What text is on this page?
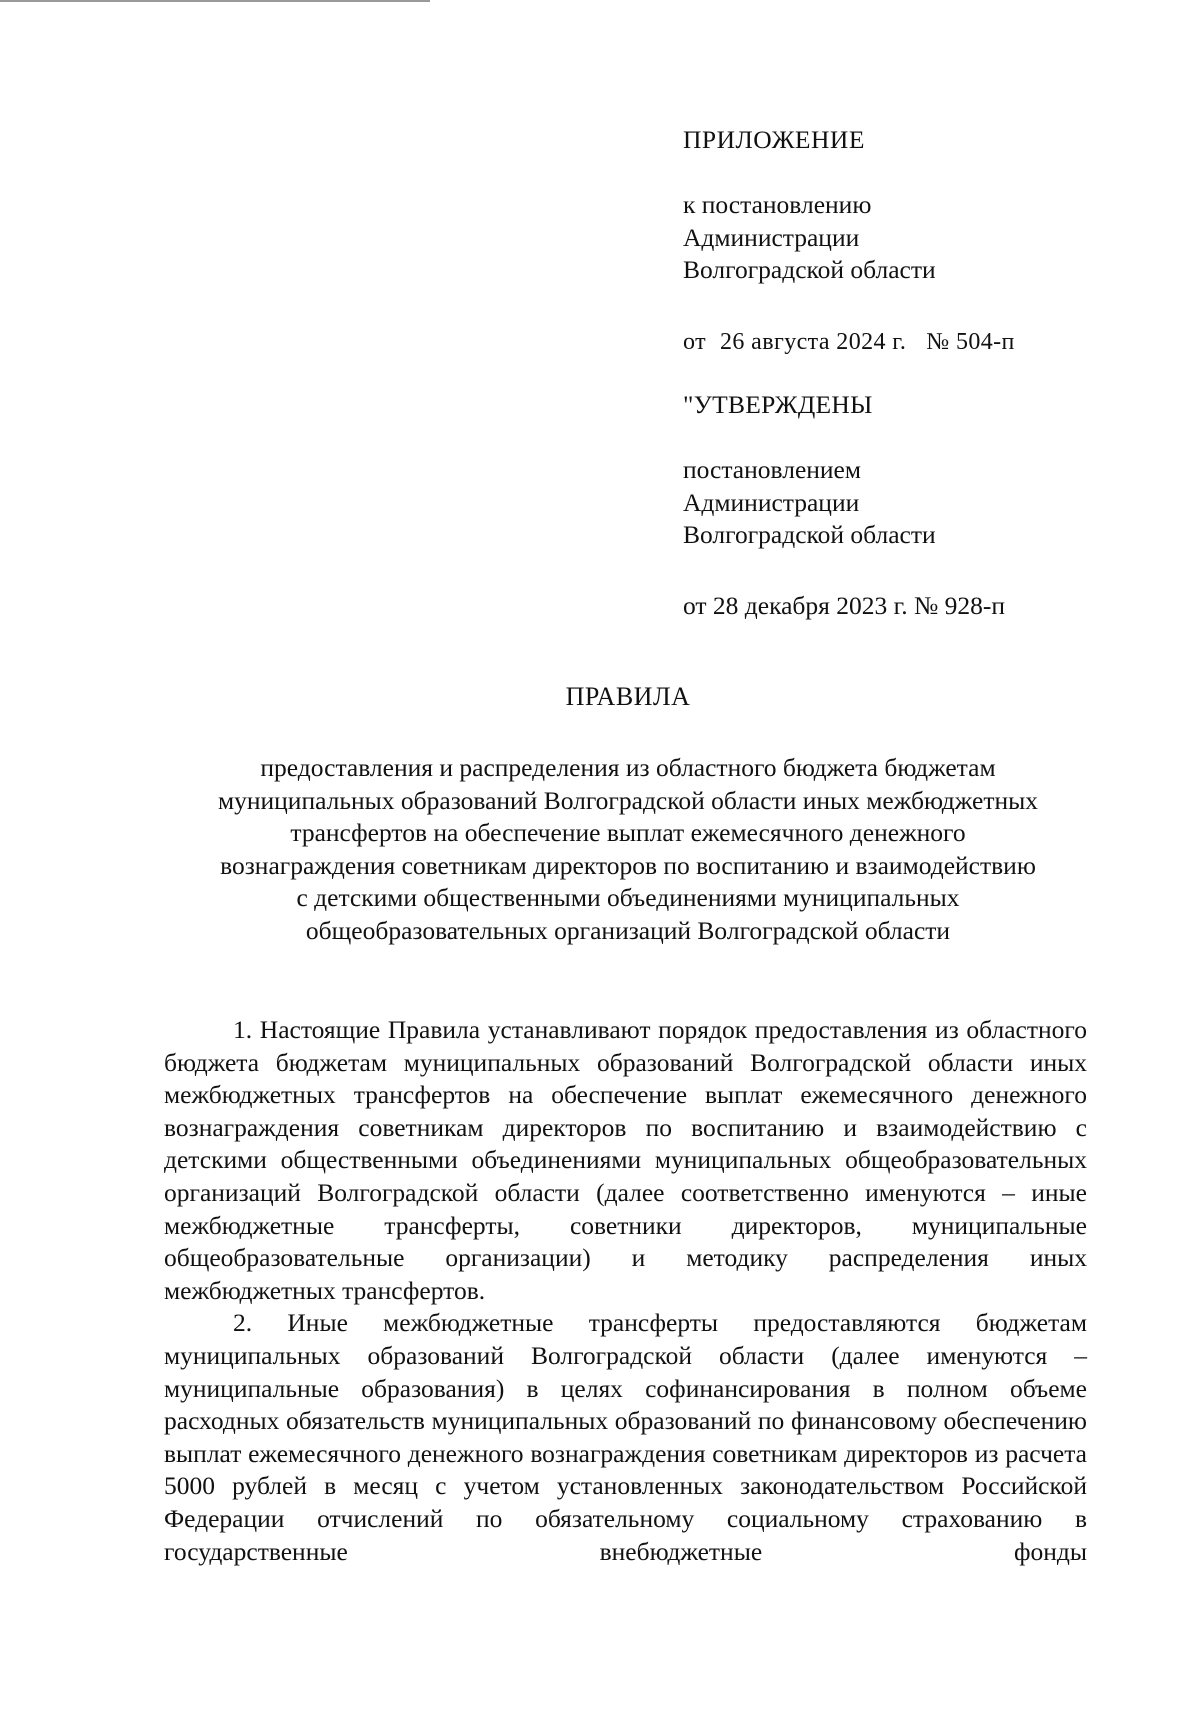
ПРИЛОЖЕНИЕ
к постановлению
Администрации
Волгоградской области
от 26 августа 2024 г. № 504-п
"УТВЕРЖДЕНЫ
постановлением
Администрации
Волгоградской области
от 28 декабря 2023 г. № 928-п
ПРАВИЛА
предоставления и распределения из областного бюджета бюджетам
муниципальных образований Волгоградской области иных межбюджетных
трансфертов на обеспечение выплат ежемесячного денежного
вознаграждения советникам директоров по воспитанию и взаимодействию
с детскими общественными объединениями муниципальных
общеобразовательных организаций Волгоградской области

1. Настоящие Правила устанавливают порядок предоставления из областного бюджета бюджетам муниципальных образований Волгоградской области иных межбюджетных трансфертов на обеспечение выплат ежемесячного денежного вознаграждения советникам директоров по воспитанию и взаимодействию с детскими общественными объединениями муниципальных общеобразовательных организаций Волгоградской области (далее соответственно именуются – иные межбюджетные трансферты, советники директоров, муниципальные общеобразовательные организации) и методику распределения иных межбюджетных трансфертов.

2. Иные межбюджетные трансферты предоставляются бюджетам муниципальных образований Волгоградской области (далее именуются – муниципальные образования) в целях софинансирования в полном объеме расходных обязательств муниципальных образований по финансовому обеспечению выплат ежемесячного денежного вознаграждения советникам директоров из расчета 5000 рублей в месяц с учетом установленных законодательством Российской Федерации отчислений по обязательному социальному страхованию в государственные внебюджетные фонды
